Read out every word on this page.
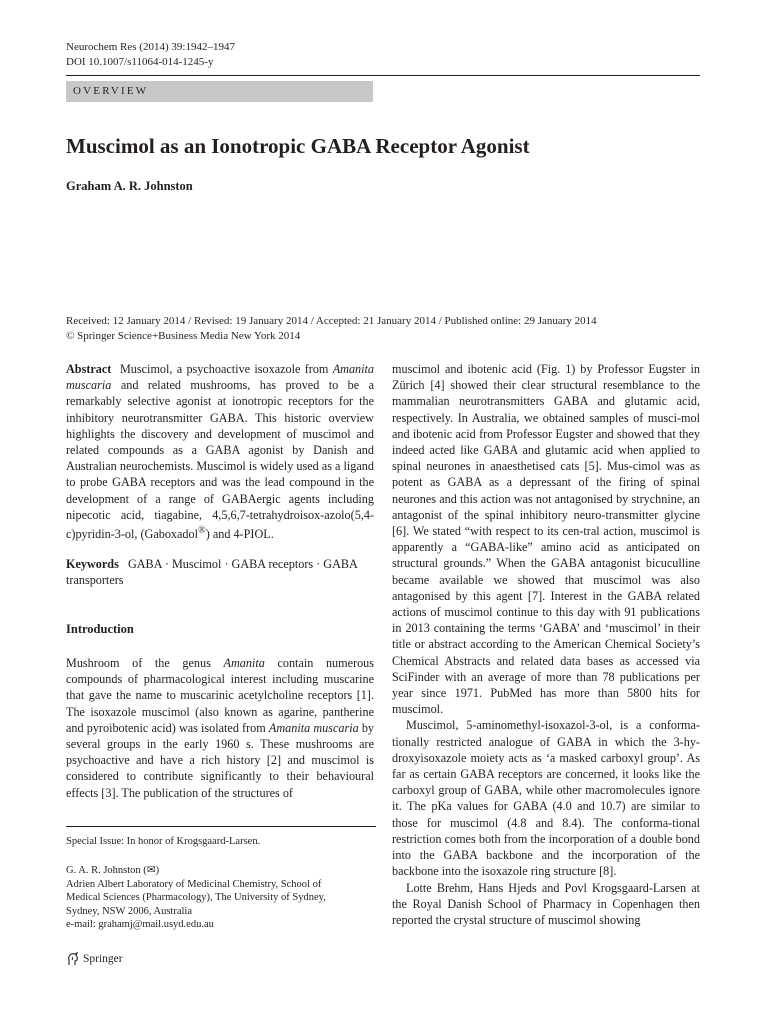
Neurochem Res (2014) 39:1942–1947
DOI 10.1007/s11064-014-1245-y
OVERVIEW
Muscimol as an Ionotropic GABA Receptor Agonist
Graham A. R. Johnston
Received: 12 January 2014 / Revised: 19 January 2014 / Accepted: 21 January 2014 / Published online: 29 January 2014
© Springer Science+Business Media New York 2014

Abstract Muscimol, a psychoactive isoxazole from Amanita muscaria and related mushrooms, has proved to be a remarkably selective agonist at ionotropic receptors for the inhibitory neurotransmitter GABA. This historic overview highlights the discovery and development of muscimol and related compounds as a GABA agonist by Danish and Australian neurochemists. Muscimol is widely used as a ligand to probe GABA receptors and was the lead compound in the development of a range of GABAergic agents including nipecotic acid, tiagabine, 4,5,6,7-tetrahydroisox-azolo(5,4-c)pyridin-3-ol, (Gaboxadol®) and 4-PIOL.

Keywords GABA · Muscimol · GABA receptors · GABA transporters

Introduction

Mushroom of the genus Amanita contain numerous compounds of pharmacological interest including muscarine that gave the name to muscarinic acetylcholine receptors [1]. The isoxazole muscimol (also known as agarine, pantherine and pyroibotenic acid) was isolated from Amanita muscaria by several groups in the early 1960 s. These mushrooms are psychoactive and have a rich history [2] and muscimol is considered to contribute significantly to their behavioural effects [3]. The publication of the structures of

Special Issue: In honor of Krogsgaard-Larsen.
G. A. R. Johnston (✉)
Adrien Albert Laboratory of Medicinal Chemistry, School of Medical Sciences (Pharmacology), The University of Sydney, Sydney, NSW 2006, Australia
e-mail: grahamj@mail.usyd.edu.au

muscimol and ibotenic acid (Fig. 1) by Professor Eugster in Zürich [4] showed their clear structural resemblance to the mammalian neurotransmitters GABA and glutamic acid, respectively. In Australia, we obtained samples of musci-mol and ibotenic acid from Professor Eugster and showed that they indeed acted like GABA and glutamic acid when applied to spinal neurones in anaesthetised cats [5]. Mus-cimol was as potent as GABA as a depressant of the firing of spinal neurones and this action was not antagonised by strychnine, an antagonist of the spinal inhibitory neuro-transmitter glycine [6]. We stated “with respect to its cen-tral action, muscimol is apparently a “GABA-like” amino acid as anticipated on structural grounds.” When the GABA antagonist bicuculline became available we showed that muscimol was also antagonised by this agent [7]. Interest in the GABA related actions of muscimol continue to this day with 91 publications in 2013 containing the terms ‘GABA’ and ‘muscimol’ in their title or abstract according to the American Chemical Society’s Chemical Abstracts and related data bases as accessed via SciFinder with an average of more than 78 publications per year since 1971. PubMed has more than 5800 hits for muscimol.

Muscimol, 5-aminomethyl-isoxazol-3-ol, is a conforma-tionally restricted analogue of GABA in which the 3-hy-droxyisoxazole moiety acts as ‘a masked carboxyl group’. As far as certain GABA receptors are concerned, it looks like the carboxyl group of GABA, while other macromolecules ignore it. The pKa values for GABA (4.0 and 10.7) are similar to those for muscimol (4.8 and 8.4). The conforma-tional restriction comes both from the incorporation of a double bond into the GABA backbone and the incorporation of the backbone into the isoxazole ring structure [8].

Lotte Brehm, Hans Hjeds and Povl Krogsgaard-Larsen at the Royal Danish School of Pharmacy in Copenhagen then reported the crystal structure of muscimol showing

Springer
